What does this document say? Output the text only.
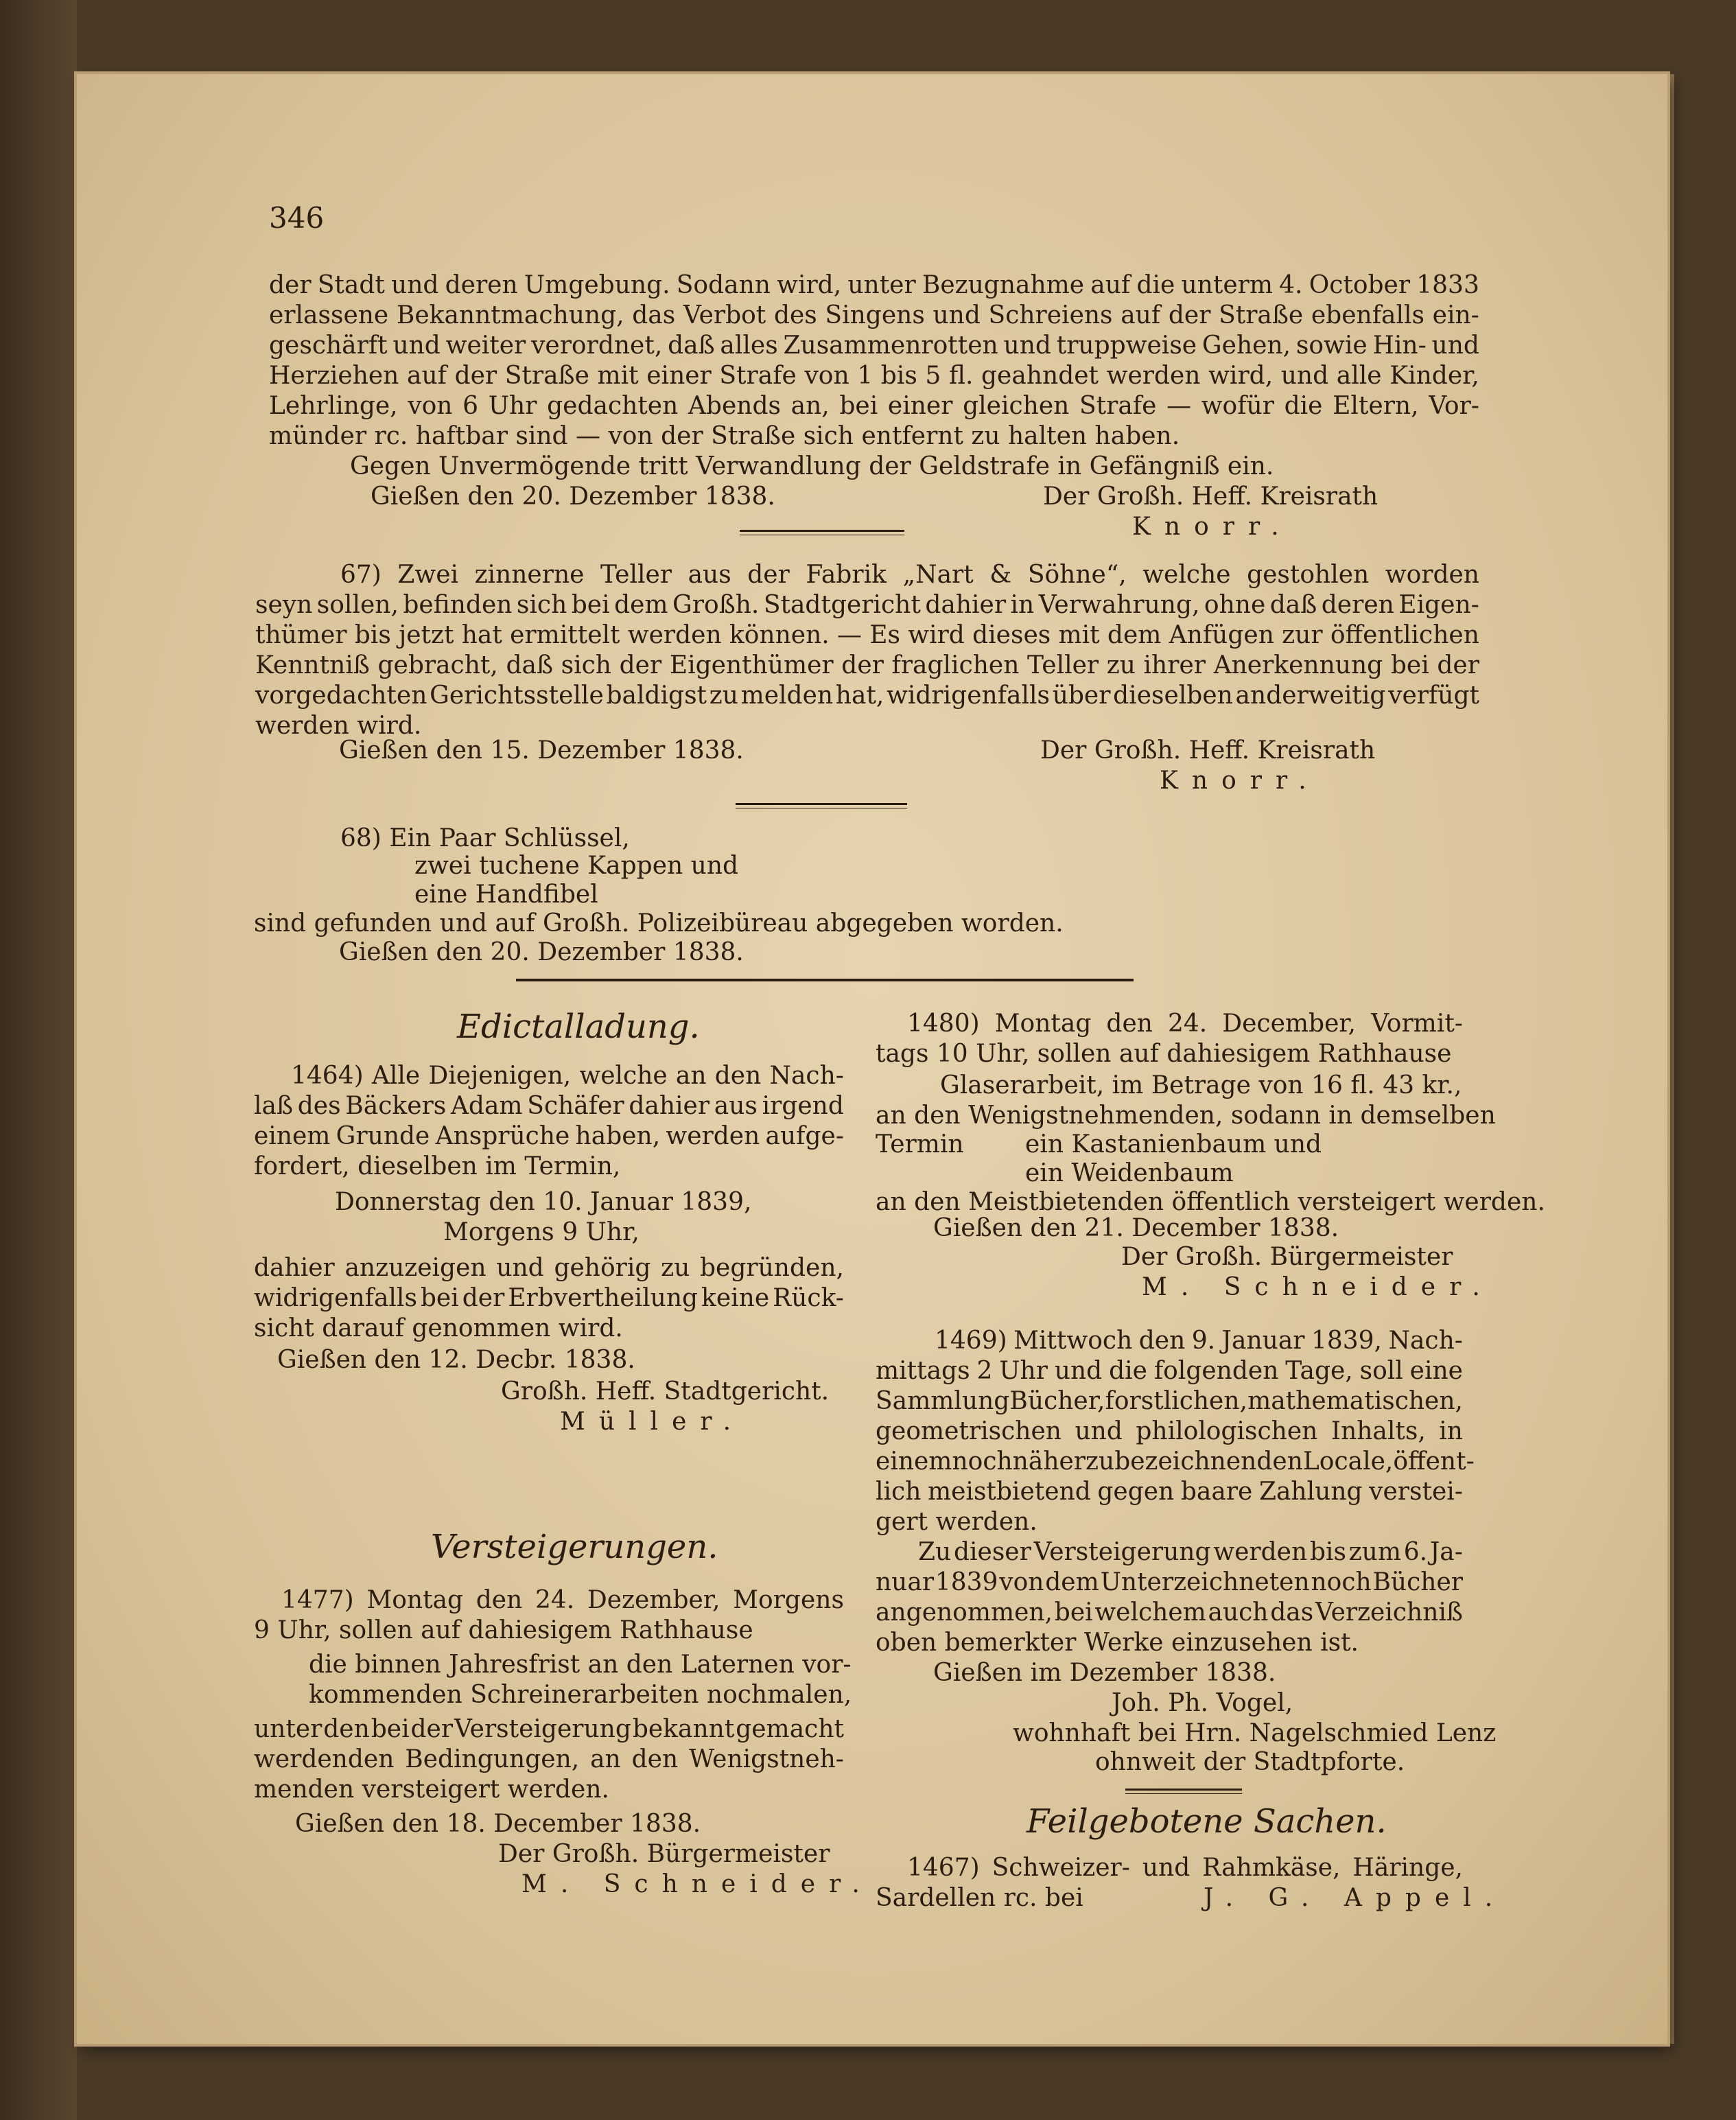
346
der Stadt und deren Umgebung. Sodann wird, unter Bezugnahme auf die unterm 4. October 1833
erlassene Bekanntmachung, das Verbot des Singens und Schreiens auf der Straße ebenfalls ein-
geschärft und weiter verordnet, daß alles Zusammenrotten und truppweise Gehen, sowie Hin- und
Herziehen auf der Straße mit einer Strafe von 1 bis 5 fl. geahndet werden wird, und alle Kinder,
Lehrlinge, von 6 Uhr gedachten Abends an, bei einer gleichen Strafe — wofür die Eltern, Vor-
münder rc. haftbar sind — von der Straße sich entfernt zu halten haben.
Gegen Unvermögende tritt Verwandlung der Geldstrafe in Gefängniß ein.
Gießen den 20. Dezember 1838.	Der Großh. Heff. Kreisrath
Knorr.
67) Zwei zinnerne Teller aus der Fabrik „Nart & Söhne“, welche gestohlen worden
seyn sollen, befinden sich bei dem Großh. Stadtgericht dahier in Verwahrung, ohne daß deren Eigen-
thümer bis jetzt hat ermittelt werden können. — Es wird dieses mit dem Anfügen zur öffentlichen
Kenntniß gebracht, daß sich der Eigenthümer der fraglichen Teller zu ihrer Anerkennung bei der
vorgedachten Gerichtsstelle baldigst zu melden hat, widrigenfalls über dieselben anderweitig verfügt
werden wird.
Gießen den 15. Dezember 1838.	Der Großh. Heff. Kreisrath
Knorr.
68) Ein Paar Schlüssel,
zwei tuchene Kappen und
eine Handfibel
sind gefunden und auf Großh. Polizeibüreau abgegeben worden.
Gießen den 20. Dezember 1838.
Edictalladung.
1464) Alle Diejenigen, welche an den Nach-
laß des Bäckers Adam Schäfer dahier aus irgend
einem Grunde Ansprüche haben, werden aufge-
fordert, dieselben im Termin,
Donnerstag den 10. Januar 1839,
Morgens 9 Uhr,
dahier anzuzeigen und gehörig zu begründen,
widrigenfalls bei der Erbvertheilung keine Rück-
sicht darauf genommen wird.
Gießen den 12. Decbr. 1838.
Großh. Heff. Stadtgericht.
Müller.
Versteigerungen.
1477) Montag den 24. Dezember, Morgens
9 Uhr, sollen auf dahiesigem Rathhause
die binnen Jahresfrist an den Laternen vor-
kommenden Schreinerarbeiten nochmalen,
unter den bei der Versteigerung bekannt gemacht
werdenden Bedingungen, an den Wenigstneh-
menden versteigert werden.
Gießen den 18. December 1838.
Der Großh. Bürgermeister
M. Schneider.
1480) Montag den 24. December, Vormit-
tags 10 Uhr, sollen auf dahiesigem Rathhause
Glaserarbeit, im Betrage von 16 fl. 43 kr.,
an den Wenigstnehmenden, sodann in demselben
Termin ein Kastanienbaum und
ein Weidenbaum
an den Meistbietenden öffentlich versteigert werden.
Gießen den 21. December 1838.
Der Großh. Bürgermeister
M. Schneider.
1469) Mittwoch den 9. Januar 1839, Nach-
mittags 2 Uhr und die folgenden Tage, soll eine
Sammlung Bücher, forstlichen, mathematischen,
geometrischen und philologischen Inhalts, in
einem noch näher zu bezeichnenden Locale, öffent-
lich meistbietend gegen baare Zahlung verstei-
gert werden.
Zu dieser Versteigerung werden bis zum 6. Ja-
nuar 1839 von dem Unterzeichneten noch Bücher
angenommen, bei welchem auch das Verzeichniß
oben bemerkter Werke einzusehen ist.
Gießen im Dezember 1838.
Joh. Ph. Vogel,
wohnhaft bei Hrn. Nagelschmied Lenz
ohnweit der Stadtpforte.
Feilgebotene Sachen.
1467) Schweizer- und Rahmkäse, Häringe,
Sardellen rc. bei	J. G. Appel.
